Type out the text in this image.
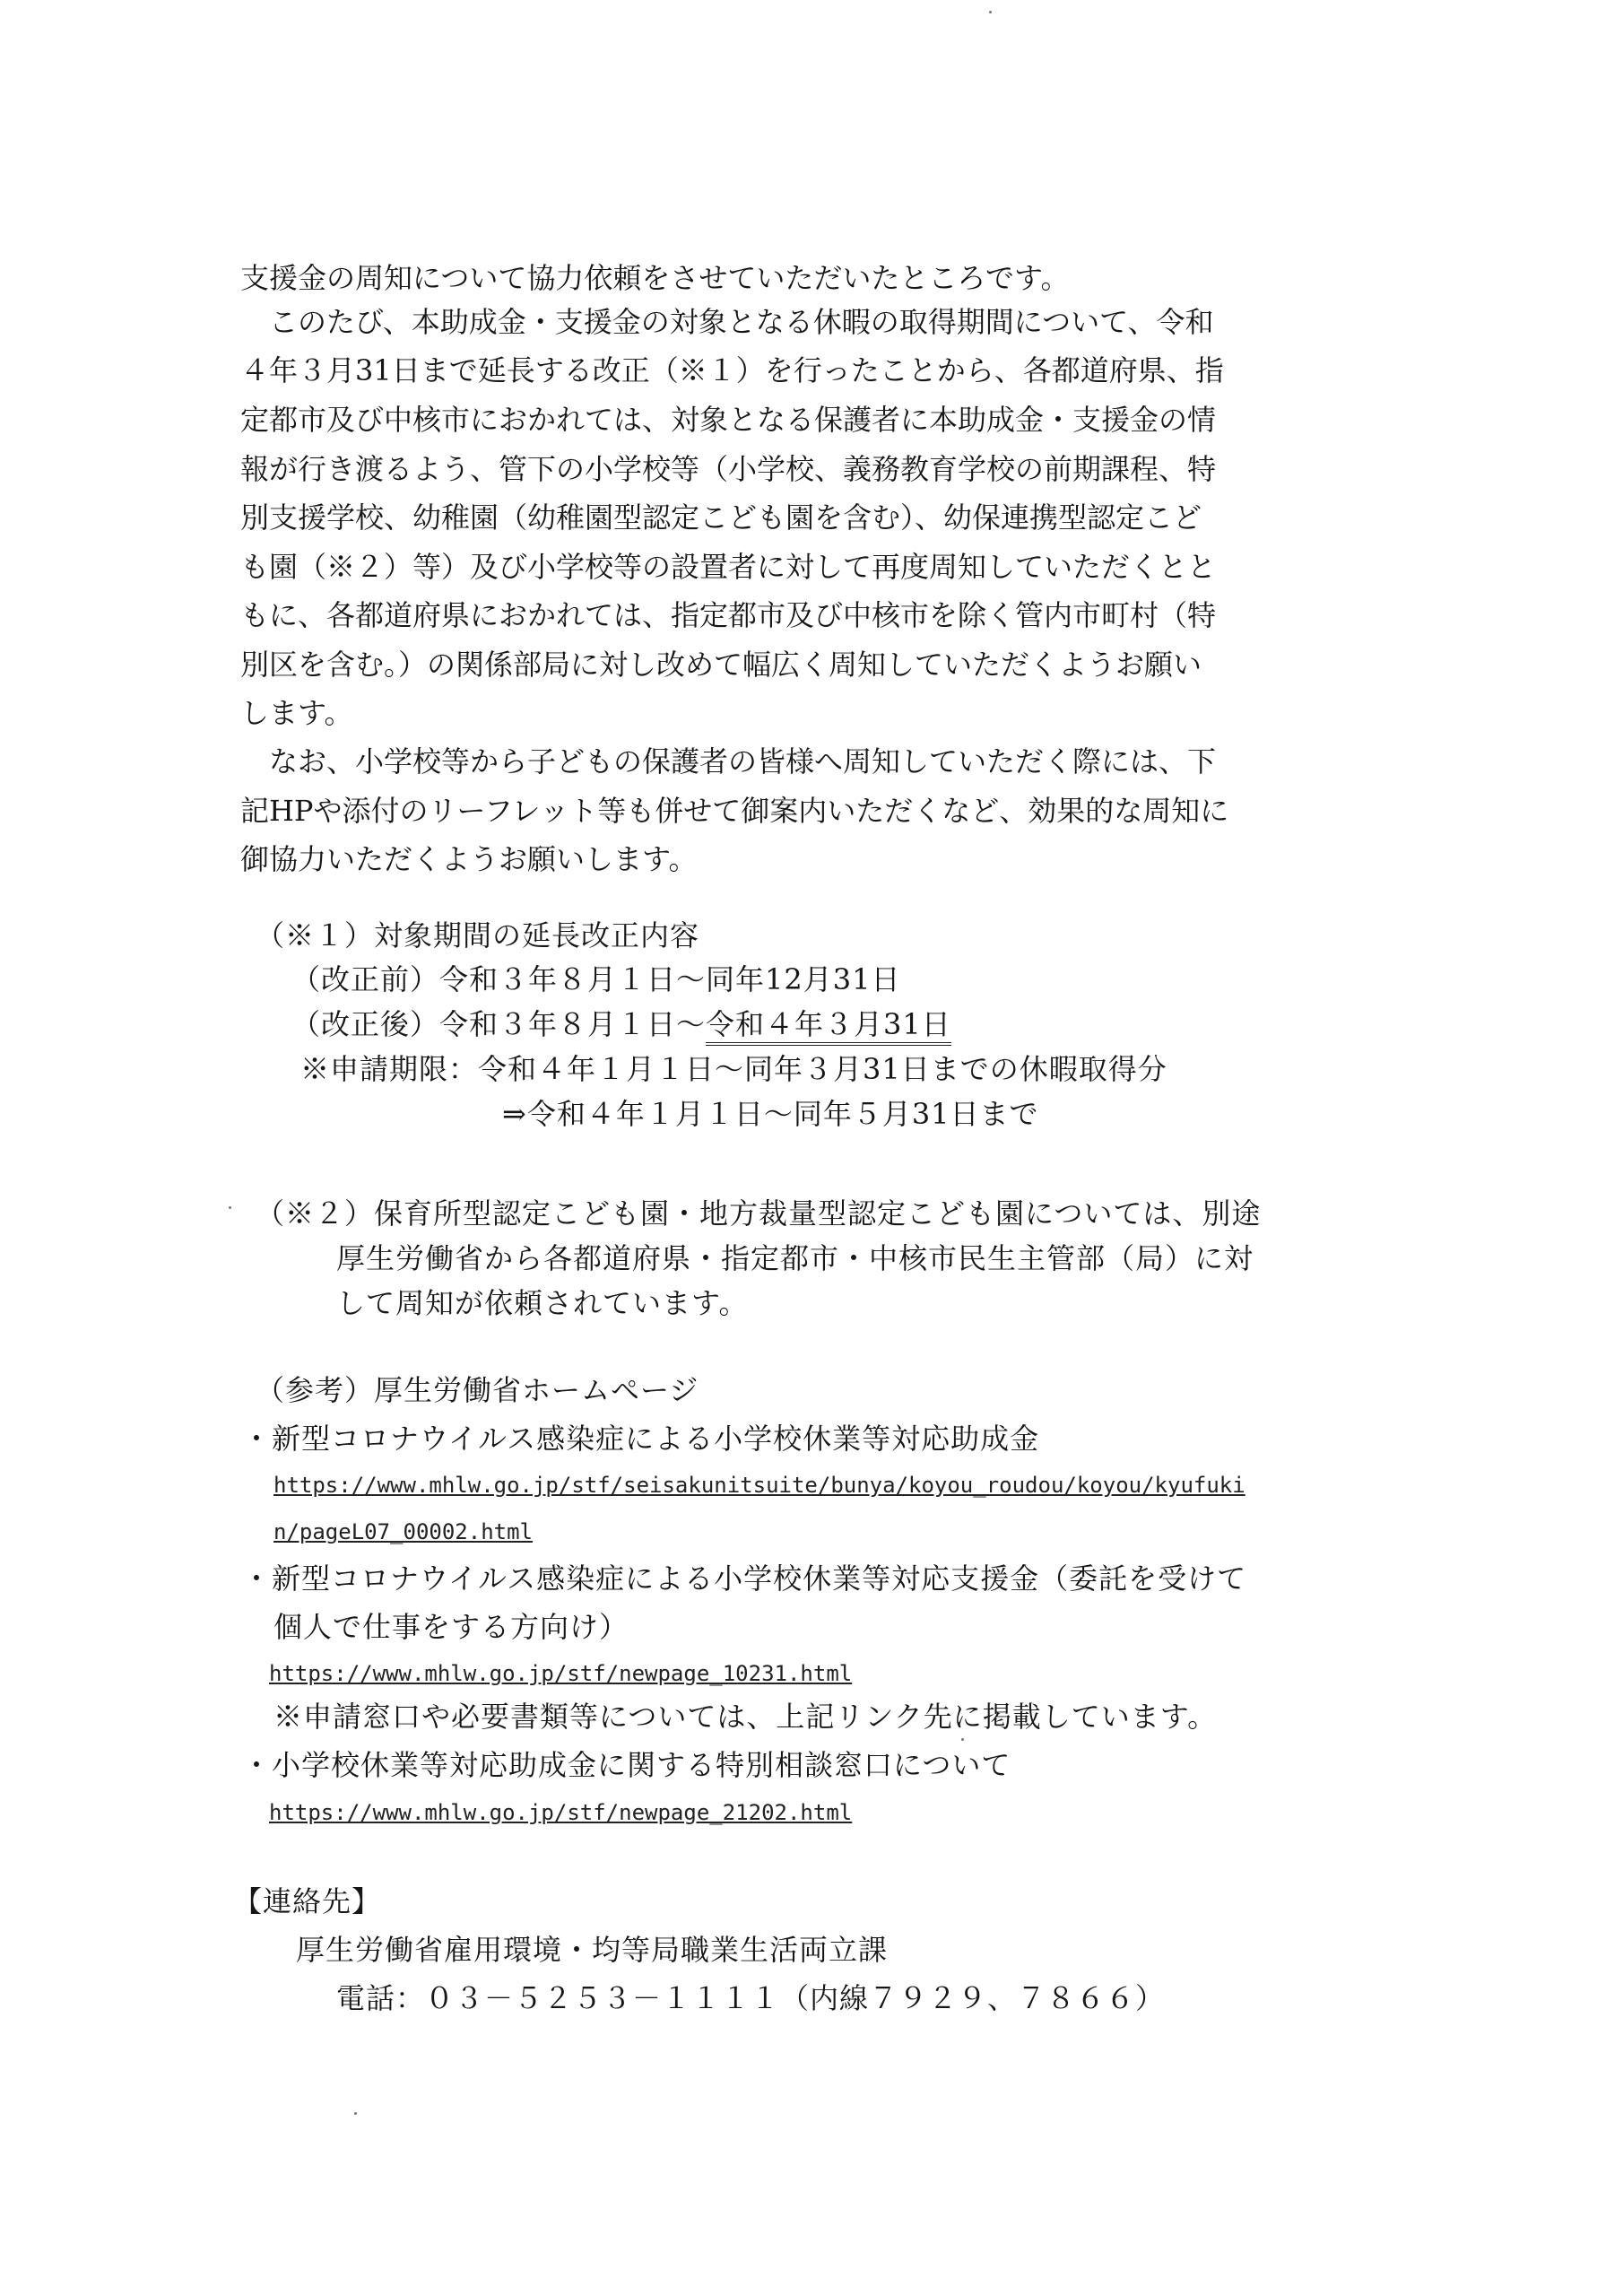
支援金の周知について協力依頼をさせていただいたところです。
　このたび、本助成金・支援金の対象となる休暇の取得期間について、令和
４年３月31日まで延長する改正（※１）を行ったことから、各都道府県、指
定都市及び中核市におかれては、対象となる保護者に本助成金・支援金の情
報が行き渡るよう、管下の小学校等（小学校、義務教育学校の前期課程、特
別支援学校、幼稚園（幼稚園型認定こども園を含む）、幼保連携型認定こど
も園（※２）等）及び小学校等の設置者に対して再度周知していただくとと
もに、各都道府県におかれては、指定都市及び中核市を除く管内市町村（特
別区を含む。）の関係部局に対し改めて幅広く周知していただくようお願い
します。
　なお、小学校等から子どもの保護者の皆様へ周知していただく際には、下
記HPや添付のリーフレット等も併せて御案内いただくなど、効果的な周知に
御協力いただくようお願いします。
（※１）対象期間の延長改正内容
（改正前）令和３年８月１日～同年12月31日
（改正後）令和３年８月１日～令和４年３月31日
※申請期限：令和４年１月１日～同年３月31日までの休暇取得分
⇒令和４年１月１日～同年５月31日まで
（※２）保育所型認定こども園・地方裁量型認定こども園については、別途
厚生労働省から各都道府県・指定都市・中核市民生主管部（局）に対
して周知が依頼されています。
（参考）厚生労働省ホームページ
・新型コロナウイルス感染症による小学校休業等対応助成金
https://www.mhlw.go.jp/stf/seisakunitsuite/bunya/koyou_roudou/koyou/kyufuki
n/pageL07_00002.html
・新型コロナウイルス感染症による小学校休業等対応支援金（委託を受けて
個人で仕事をする方向け）
https://www.mhlw.go.jp/stf/newpage_10231.html
※申請窓口や必要書類等については、上記リンク先に掲載しています。
・小学校休業等対応助成金に関する特別相談窓口について
https://www.mhlw.go.jp/stf/newpage_21202.html
【連絡先】
厚生労働省雇用環境・均等局職業生活両立課
電話：０３－５２５３－１１１１（内線７９２９、７８６６）
